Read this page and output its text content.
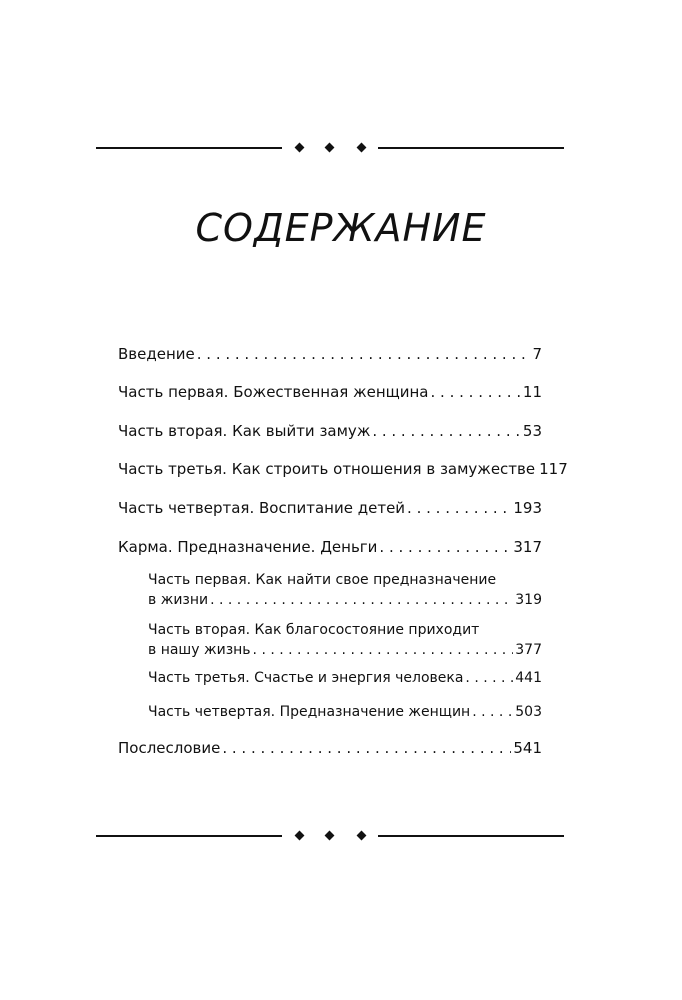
СОДЕРЖАНИЕ
Введение . . .	7
Часть первая. Божественная женщина . . .	11
Часть вторая. Как выйти замуж . . .	53
Часть третья. Как строить отношения в замужестве 117
Часть четвертая. Воспитание детей . . .	193
Карма. Предназначение. Деньги . . .	317
Часть первая. Как найти свое предназначение
в жизни . . .	319
Часть вторая. Как благосостояние приходит
в нашу жизнь . . .	377
Часть третья. Счастье и энергия человека . . .	441
Часть четвертая. Предназначение женщин . . .	503
Послесловие . . .	541
